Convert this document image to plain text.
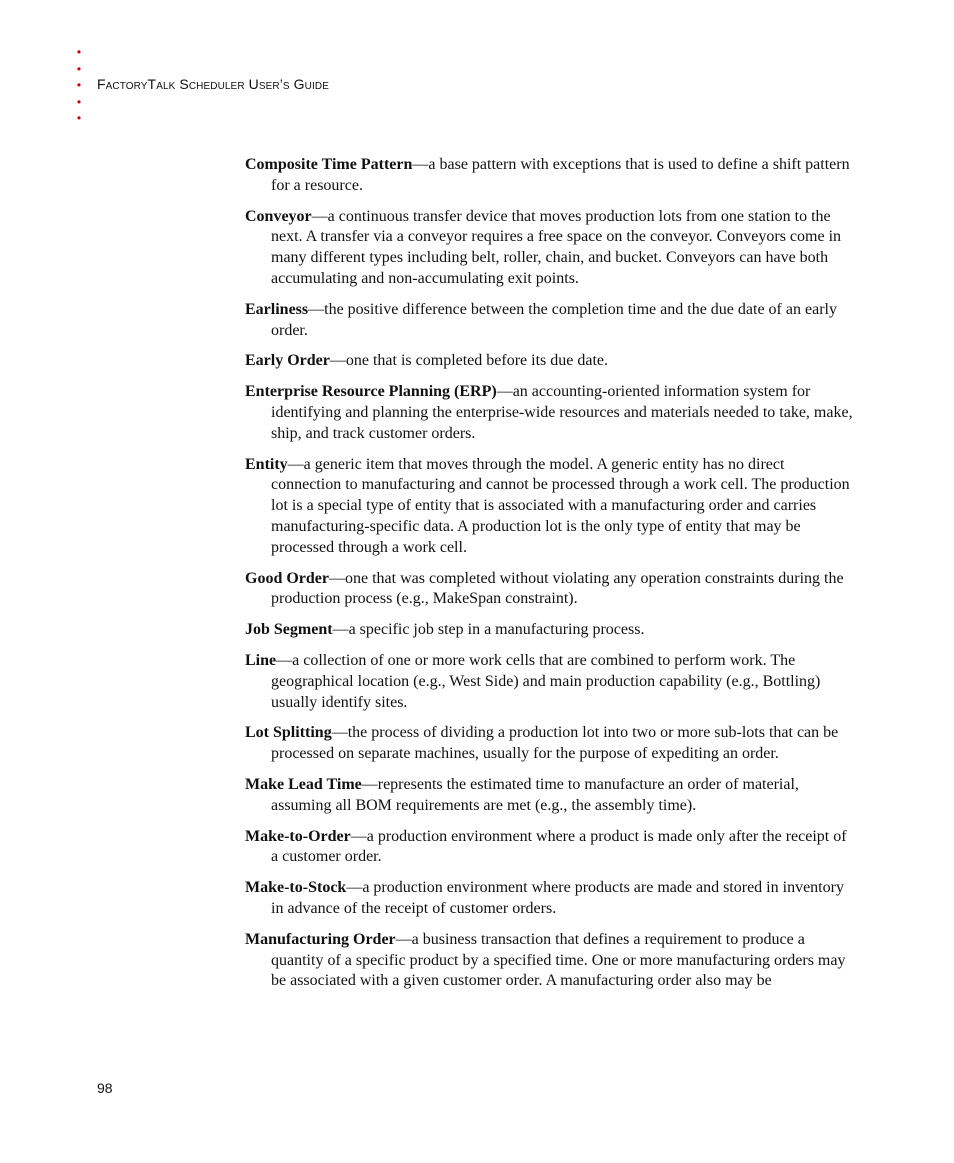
•
•
•
•
•
FactoryTalk Scheduler User’s Guide

Composite Time Pattern—a base pattern with exceptions that is used to define a shift pattern for a resource.

Conveyor—a continuous transfer device that moves production lots from one station to the next. A transfer via a conveyor requires a free space on the conveyor. Conveyors come in many different types including belt, roller, chain, and bucket. Conveyors can have both accumulating and non-accumulating exit points.

Earliness—the positive difference between the completion time and the due date of an early order.

Early Order—one that is completed before its due date.

Enterprise Resource Planning (ERP)—an accounting-oriented information system for identifying and planning the enterprise-wide resources and materials needed to take, make, ship, and track customer orders.

Entity—a generic item that moves through the model. A generic entity has no direct connection to manufacturing and cannot be processed through a work cell. The production lot is a special type of entity that is associated with a manufacturing order and carries manufacturing-specific data. A production lot is the only type of entity that may be processed through a work cell.

Good Order—one that was completed without violating any operation constraints during the production process (e.g., MakeSpan constraint).

Job Segment—a specific job step in a manufacturing process.

Line—a collection of one or more work cells that are combined to perform work. The geographical location (e.g., West Side) and main production capability (e.g., Bottling) usually identify sites.

Lot Splitting—the process of dividing a production lot into two or more sub-lots that can be processed on separate machines, usually for the purpose of expediting an order.

Make Lead Time—represents the estimated time to manufacture an order of material, assuming all BOM requirements are met (e.g., the assembly time).

Make-to-Order—a production environment where a product is made only after the receipt of a customer order.

Make-to-Stock—a production environment where products are made and stored in inventory in advance of the receipt of customer orders.

Manufacturing Order—a business transaction that defines a requirement to produce a quantity of a specific product by a specified time. One or more manufacturing orders may be associated with a given customer order. A manufacturing order also may be

98
